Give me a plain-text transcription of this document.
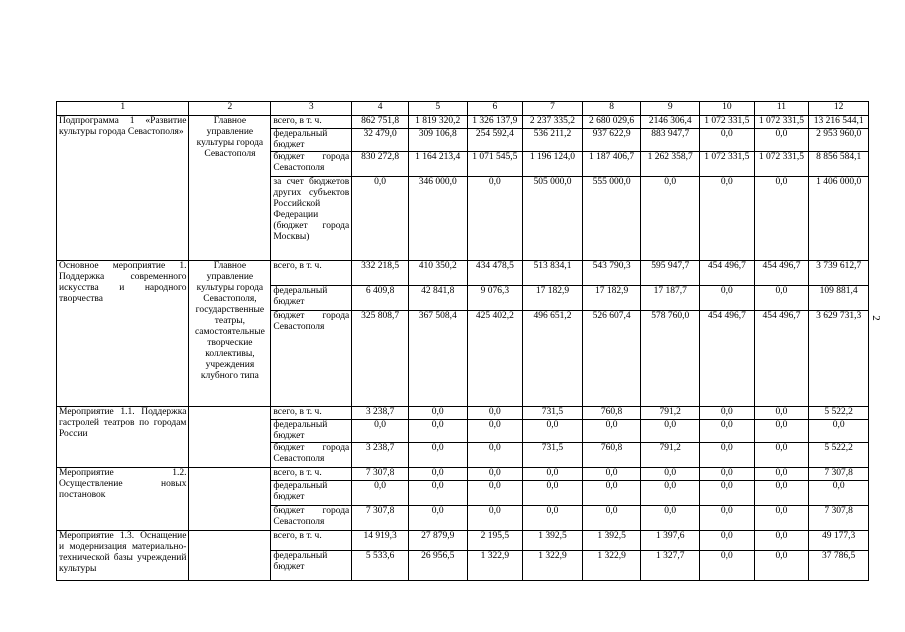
1	2	3	4	5	6	7	8	9	10	11	12
Подпрограмма 1 «Развитие культуры города Севастополя»	Главное управление культуры города Севастополя	всего, в т. ч.	862 751,8	1 819 320,2	1 326 137,9	2 237 335,2	2 680 029,6	2146 306,4	1 072 331,5	1 072 331,5	13 216 544,1
		федеральный бюджет	32 479,0	309 106,8	254 592,4	536 211,2	937 622,9	883 947,7	0,0	0,0	2 953 960,0
		бюджет города Севастополя	830 272,8	1 164 213,4	1 071 545,5	1 196 124,0	1 187 406,7	1 262 358,7	1 072 331,5	1 072 331,5	8 856 584,1
		за счет бюджетов других субъектов Российской Федерации (бюджет города Москвы)	0,0	346 000,0	0,0	505 000,0	555 000,0	0,0	0,0	0,0	1 406 000,0
Основное мероприятие 1. Поддержка современного искусства и народного творчества	Главное управление культуры города Севастополя, государственные театры, самостоятельные творческие коллективы, учреждения клубного типа	всего, в т. ч.	332 218,5	410 350,2	434 478,5	513 834,1	543 790,3	595 947,7	454 496,7	454 496,7	3 739 612,7
		федеральный бюджет	6 409,8	42 841,8	9 076,3	17 182,9	17 182,9	17 187,7	0,0	0,0	109 881,4
		бюджет города Севастополя	325 808,7	367 508,4	425 402,2	496 651,2	526 607,4	578 760,0	454 496,7	454 496,7	3 629 731,3
Мероприятие 1.1. Поддержка гастролей театров по городам России		всего, в т. ч.	3 238,7	0,0	0,0	731,5	760,8	791,2	0,0	0,0	5 522,2
		федеральный бюджет	0,0	0,0	0,0	0,0	0,0	0,0	0,0	0,0	0,0
		бюджет города Севастополя	3 238,7	0,0	0,0	731,5	760,8	791,2	0,0	0,0	5 522,2
Мероприятие 1.2. Осуществление новых постановок		всего, в т. ч.	7 307,8	0,0	0,0	0,0	0,0	0,0	0,0	0,0	7 307,8
		федеральный бюджет	0,0	0,0	0,0	0,0	0,0	0,0	0,0	0,0	0,0
		бюджет города Севастополя	7 307,8	0,0	0,0	0,0	0,0	0,0	0,0	0,0	7 307,8
Мероприятие 1.3. Оснащение и модернизация материально-технической базы учреждений культуры		всего, в т. ч.	14 919,3	27 879,9	2 195,5	1 392,5	1 392,5	1 397,6	0,0	0,0	49 177,3
		федеральный бюджет	5 533,6	26 956,5	1 322,9	1 322,9	1 322,9	1 327,7	0,0	0,0	37 786,5
2
